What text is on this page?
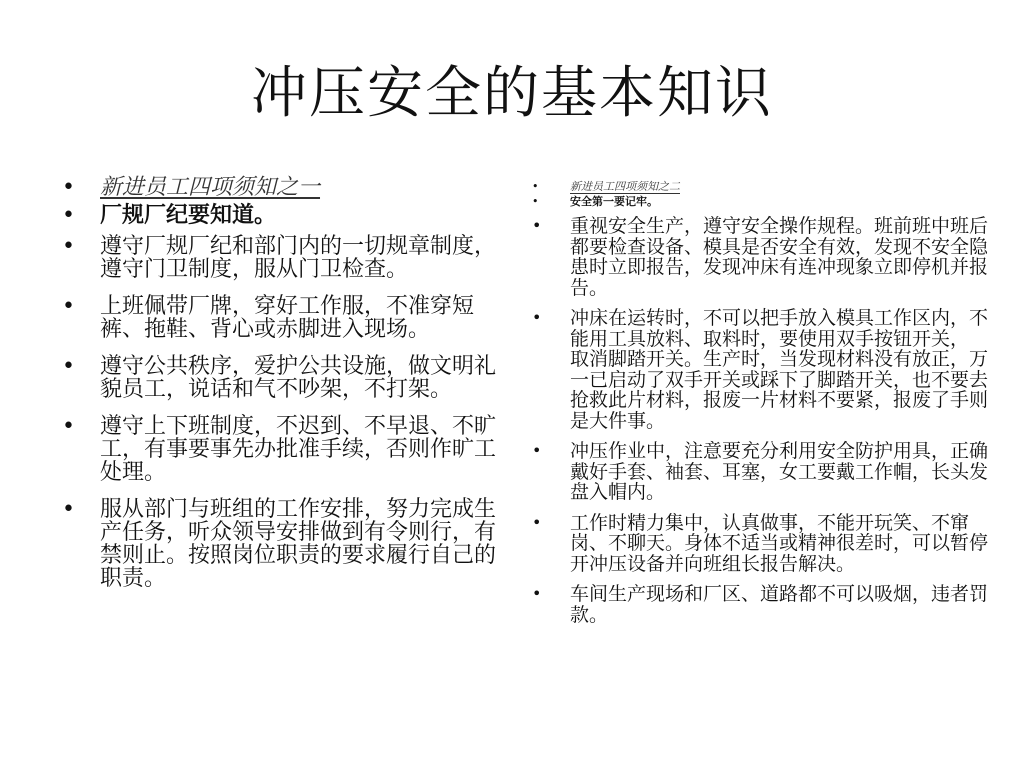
冲压安全的基本知识
•	新进员工四项须知之一
•	厂规厂纪要知道。
•	遵守厂规厂纪和部门内的一切规章制度，遵守门卫制度，服从门卫检查。
•	上班佩带厂牌，穿好工作服，不准穿短裤、拖鞋、背心或赤脚进入现场。
•	遵守公共秩序，爱护公共设施，做文明礼貌员工，说话和气不吵架，不打架。
•	遵守上下班制度，不迟到、不早退、不旷工，有事要事先办批准手续，否则作旷工处理。
•	服从部门与班组的工作安排，努力完成生产任务，听众领导安排做到有令则行，有禁则止。按照岗位职责的要求履行自己的职责。
•	新进员工四项须知之二
•	安全第一要记牢。
•	重视安全生产，遵守安全操作规程。班前班中班后都要检查设备、模具是否安全有效，发现不安全隐患时立即报告，发现冲床有连冲现象立即停机并报告。
•	冲床在运转时，不可以把手放入模具工作区内，不能用工具放料、取料时，要使用双手按钮开关， 取消脚踏开关。生产时，当发现材料没有放正，万一已启动了双手开关或踩下了脚踏开关，也不要去抢救此片材料，报废一片材料不要紧，报废了手则是大件事。
•	冲压作业中，注意要充分利用安全防护用具，正确戴好手套、袖套、耳塞，女工要戴工作帽，长头发盘入帽内。
•	工作时精力集中，认真做事，不能开玩笑、不窜岗、不聊天。身体不适当或精神很差时，可以暂停开冲压设备并向班组长报告解决。
•	车间生产现场和厂区、道路都不可以吸烟，违者罚款。
